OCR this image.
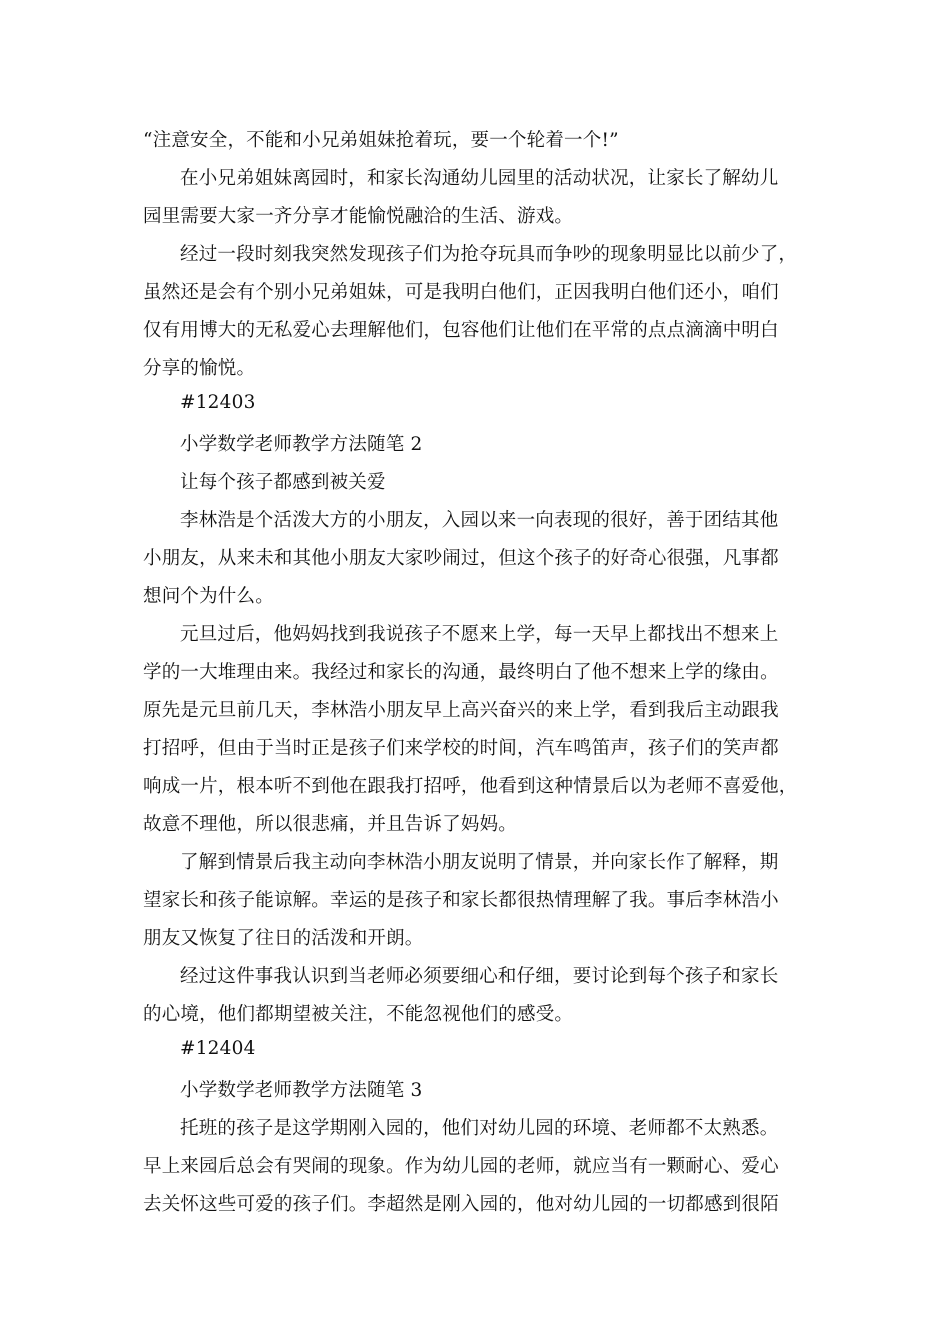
“注意安全，不能和小兄弟姐妹抢着玩，要一个轮着一个!”
在小兄弟姐妹离园时，和家长沟通幼儿园里的活动状况，让家长了解幼儿
园里需要大家一齐分享才能愉悦融洽的生活、游戏。
经过一段时刻我突然发现孩子们为抢夺玩具而争吵的现象明显比以前少了，
虽然还是会有个别小兄弟姐妹，可是我明白他们，正因我明白他们还小，咱们
仅有用博大的无私爱心去理解他们，包容他们让他们在平常的点点滴滴中明白
分享的愉悦。
#12403
小学数学老师教学方法随笔 2
让每个孩子都感到被关爱
李林浩是个活泼大方的小朋友，入园以来一向表现的很好，善于团结其他
小朋友，从来未和其他小朋友大家吵闹过，但这个孩子的好奇心很强，凡事都
想问个为什么。
元旦过后，他妈妈找到我说孩子不愿来上学，每一天早上都找出不想来上
学的一大堆理由来。我经过和家长的沟通，最终明白了他不想来上学的缘由。
原先是元旦前几天，李林浩小朋友早上高兴奋兴的来上学，看到我后主动跟我
打招呼，但由于当时正是孩子们来学校的时间，汽车鸣笛声，孩子们的笑声都
响成一片，根本听不到他在跟我打招呼，他看到这种情景后以为老师不喜爱他，
故意不理他，所以很悲痛，并且告诉了妈妈。
了解到情景后我主动向李林浩小朋友说明了情景，并向家长作了解释，期
望家长和孩子能谅解。幸运的是孩子和家长都很热情理解了我。事后李林浩小
朋友又恢复了往日的活泼和开朗。
经过这件事我认识到当老师必须要细心和仔细，要讨论到每个孩子和家长
的心境，他们都期望被关注，不能忽视他们的感受。
#12404
小学数学老师教学方法随笔 3
托班的孩子是这学期刚入园的，他们对幼儿园的环境、老师都不太熟悉。
早上来园后总会有哭闹的现象。作为幼儿园的老师，就应当有一颗耐心、爱心
去关怀这些可爱的孩子们。李超然是刚入园的，他对幼儿园的一切都感到很陌
